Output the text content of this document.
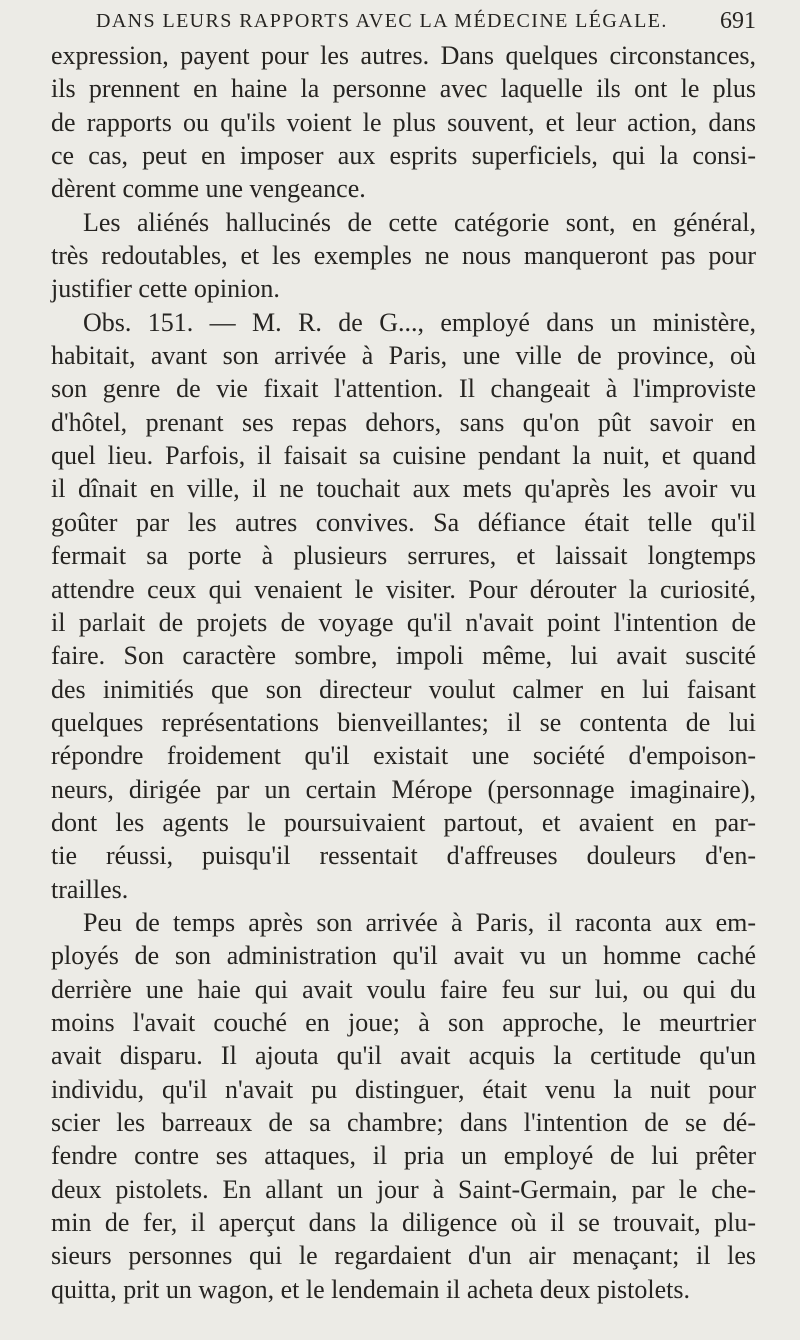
DANS LEURS RAPPORTS AVEC LA MÉDECINE LÉGALE. 691
expression, payent pour les autres. Dans quelques circonstances,
ils prennent en haine la personne avec laquelle ils ont le plus
de rapports ou qu'ils voient le plus souvent, et leur action, dans
ce cas, peut en imposer aux esprits superficiels, qui la consi-
dèrent comme une vengeance.
Les aliénés hallucinés de cette catégorie sont, en général,
très redoutables, et les exemples ne nous manqueront pas pour
justifier cette opinion.
Obs. 151. — M. R. de G..., employé dans un ministère,
habitait, avant son arrivée à Paris, une ville de province, où
son genre de vie fixait l'attention. Il changeait à l'improviste
d'hôtel, prenant ses repas dehors, sans qu'on pût savoir en
quel lieu. Parfois, il faisait sa cuisine pendant la nuit, et quand
il dînait en ville, il ne touchait aux mets qu'après les avoir vu
goûter par les autres convives. Sa défiance était telle qu'il
fermait sa porte à plusieurs serrures, et laissait longtemps
attendre ceux qui venaient le visiter. Pour dérouter la curiosité,
il parlait de projets de voyage qu'il n'avait point l'intention de
faire. Son caractère sombre, impoli même, lui avait suscité
des inimitiés que son directeur voulut calmer en lui faisant
quelques représentations bienveillantes; il se contenta de lui
répondre froidement qu'il existait une société d'empoison-
neurs, dirigée par un certain Mérope (personnage imaginaire),
dont les agents le poursuivaient partout, et avaient en par-
tie réussi, puisqu'il ressentait d'affreuses douleurs d'en-
trailles.
Peu de temps après son arrivée à Paris, il raconta aux em-
ployés de son administration qu'il avait vu un homme caché
derrière une haie qui avait voulu faire feu sur lui, ou qui du
moins l'avait couché en joue; à son approche, le meurtrier
avait disparu. Il ajouta qu'il avait acquis la certitude qu'un
individu, qu'il n'avait pu distinguer, était venu la nuit pour
scier les barreaux de sa chambre; dans l'intention de se dé-
fendre contre ses attaques, il pria un employé de lui prêter
deux pistolets. En allant un jour à Saint-Germain, par le che-
min de fer, il aperçut dans la diligence où il se trouvait, plu-
sieurs personnes qui le regardaient d'un air menaçant; il les
quitta, prit un wagon, et le lendemain il acheta deux pistolets.
